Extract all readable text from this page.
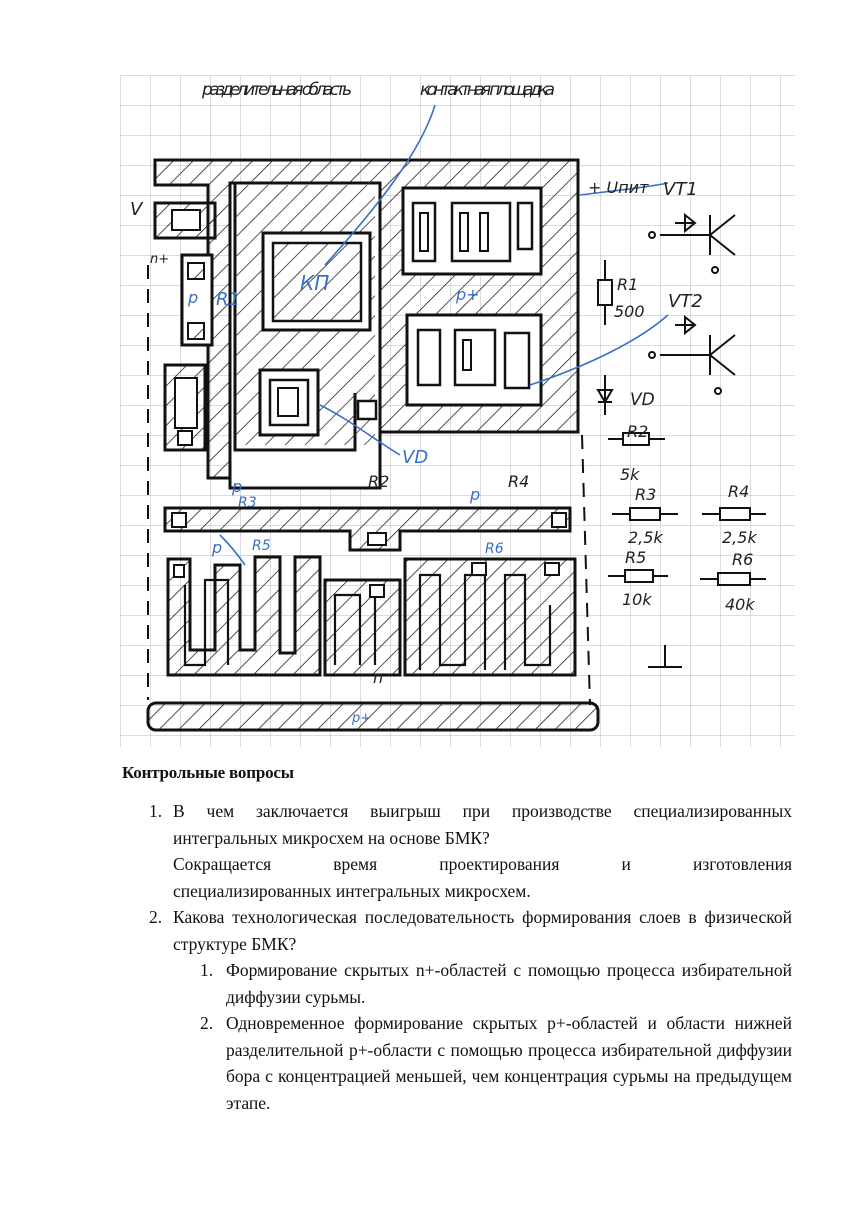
разделительная область	контактная площадка
n+
V
R2	R4
n
КП
R1
p	p+
VD
p
R3
p R5
p
R6
p+
+ Uпит VT1
VT2
R1
500
VD
R2
5k
R3
2,5k
R4
2,5k
R5
10k
R6
40k
Контрольные вопросы
1. В чем заключается выигрыш при производстве специализированных интегральных микросхем на основе БМК?

Сокращается время проектирования и изготовления

специализированных интегральных микросхем.

2. Какова технологическая последовательность формирования слоев в физической структуре БМК?

1. Формирование скрытых n+-областей с помощью процесса избирательной диффузии сурьмы.

2. Одновременное формирование скрытых p+-областей и области нижней разделительной p+-области с помощью процесса избирательной диффузии бора с концентрацией меньшей, чем концентрация сурьмы на предыдущем этапе.
